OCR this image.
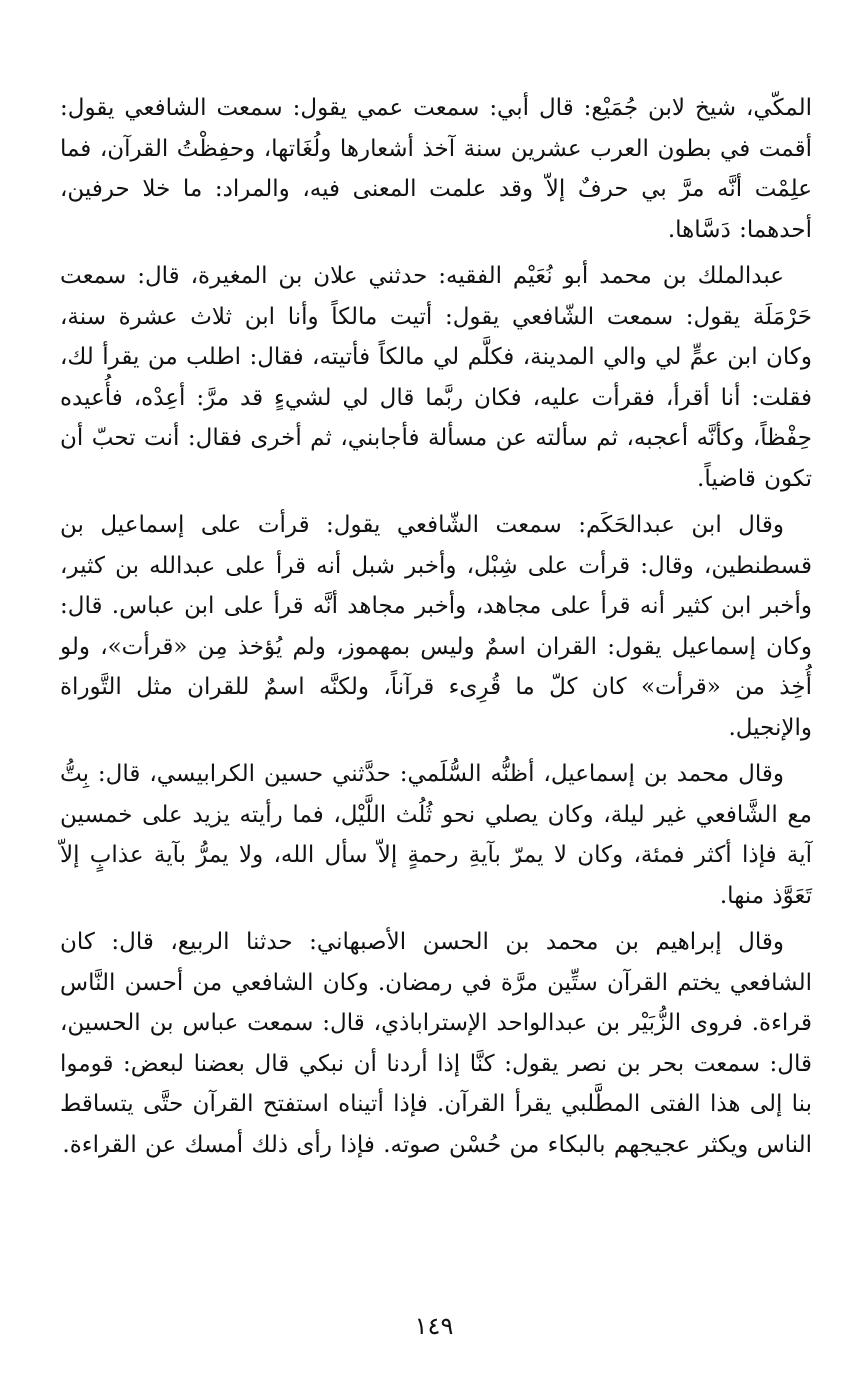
المكّي، شيخ لابن جُمَيْع: قال أبي: سمعت عمي يقول: سمعت الشافعي يقول: أقمت في بطون العرب عشرين سنة آخذ أشعارها ولُغَاتها، وحفِظْتُ القرآن، فما علِمْت أنَّه مرَّ بي حرفٌ إلاّ وقد علمت المعنى فيه، والمراد: ما خلا حرفين، أحدهما: دَسَّاها.

عبدالملك بن محمد أبو نُعَيْم الفقيه: حدثني علان بن المغيرة، قال: سمعت حَرْمَلَة يقول: سمعت الشّافعي يقول: أتيت مالكاً وأنا ابن ثلاث عشرة سنة، وكان ابن عمٍّ لي والي المدينة، فكلَّم لي مالكاً فأتيته، فقال: اطلب من يقرأ لك، فقلت: أنا أقرأ، فقرأت عليه، فكان ربَّما قال لي لشيءٍ قد مرَّ: أعِدْه، فأُعيده حِفْظاً، وكأنَّه أعجبه، ثم سألته عن مسألة فأجابني، ثم أخرى فقال: أنت تحبّ أن تكون قاضياً.

وقال ابن عبدالحَكَم: سمعت الشّافعي يقول: قرأت على إسماعيل بن قسطنطين، وقال: قرأت على شِبْل، وأخبر شبل أنه قرأ على عبدالله بن كثير، وأخبر ابن كثير أنه قرأ على مجاهد، وأخبر مجاهد أنَّه قرأ على ابن عباس. قال: وكان إسماعيل يقول: القران اسمٌ وليس بمهموز، ولم يُؤخذ مِن «قرأت»، ولو أُخِذ من «قرأت» كان كلّ ما قُرِىء قرآناً، ولكنَّه اسمٌ للقران مثل التَّوراة والإنجيل.

وقال محمد بن إسماعيل، أظنُّه السُّلَمي: حدَّثني حسين الكرابيسي، قال: بِتُّ مع الشَّافعي غير ليلة، وكان يصلي نحو ثُلُث اللَّيْل، فما رأيته يزيد على خمسين آية فإذا أكثر فمئة، وكان لا يمرّ بآيةِ رحمةٍ إلاّ سأل الله، ولا يمرُّ بآية عذابٍ إلاّ تَعَوَّذ منها.

وقال إبراهيم بن محمد بن الحسن الأصبهاني: حدثنا الربيع، قال: كان الشافعي يختم القرآن ستِّين مرَّة في رمضان. وكان الشافعي من أحسن النَّاس قراءة. فروى الزُّبَيْر بن عبدالواحد الإستراباذي، قال: سمعت عباس بن الحسين، قال: سمعت بحر بن نصر يقول: كنَّا إذا أردنا أن نبكي قال بعضنا لبعض: قوموا بنا إلى هذا الفتى المطَّلبي يقرأ القرآن. فإذا أتيناه استفتح القرآن حتَّى يتساقط الناس ويكثر عجيجهم بالبكاء من حُسْن صوته. فإذا رأى ذلك أمسك عن القراءة.

١٤٩
